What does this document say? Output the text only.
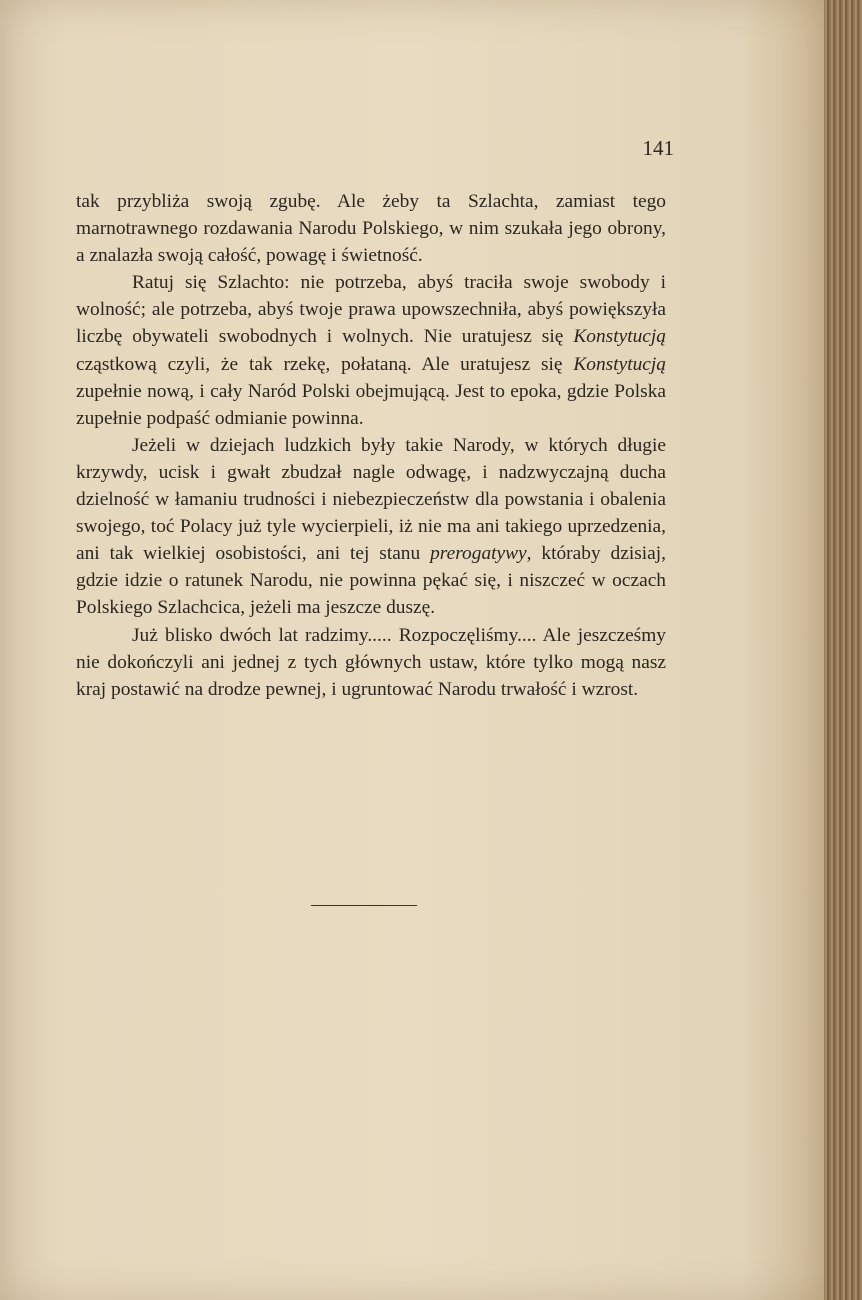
141

tak przybliża swoją zgubę. Ale żeby ta Szlachta, zamiast tego marnotrawnego rozdawania Narodu Polskiego, w nim szukała jego obrony, a znalazła swoją całość, powagę i świetność.

Ratuj się Szlachto: nie potrzeba, abyś traciła swoje swobody i wolność; ale potrzeba, abyś twoje prawa upowszechniła, abyś powiększyła liczbę obywateli swobodnych i wolnych. Nie uratujesz się Konstytucją cząstkową czyli, że tak rzekę, połataną. Ale uratujesz się Konstytucją zupełnie nową, i cały Naród Polski obejmującą. Jest to epoka, gdzie Polska zupełnie podpaść odmianie powinna.

Jeżeli w dziejach ludzkich były takie Narody, w których długie krzywdy, ucisk i gwałt zbudzał nagle odwagę, i nadzwyczajną ducha dzielność w łamaniu trudności i niebezpieczeństw dla powstania i obalenia swojego, toć Polacy już tyle wycierpieli, iż nie ma ani takiego uprzedzenia, ani tak wielkiej osobistości, ani tej stanu prerogatywy, któraby dzisiaj, gdzie idzie o ratunek Narodu, nie powinna pękać się, i niszczeć w oczach Polskiego Szlachcica, jeżeli ma jeszcze duszę.

Już blisko dwóch lat radzimy..... Rozpoczęliśmy.... Ale jeszcześmy nie dokończyli ani jednej z tych głównych ustaw, które tylko mogą nasz kraj postawić na drodze pewnej, i ugruntować Narodu trwałość i wzrost.
